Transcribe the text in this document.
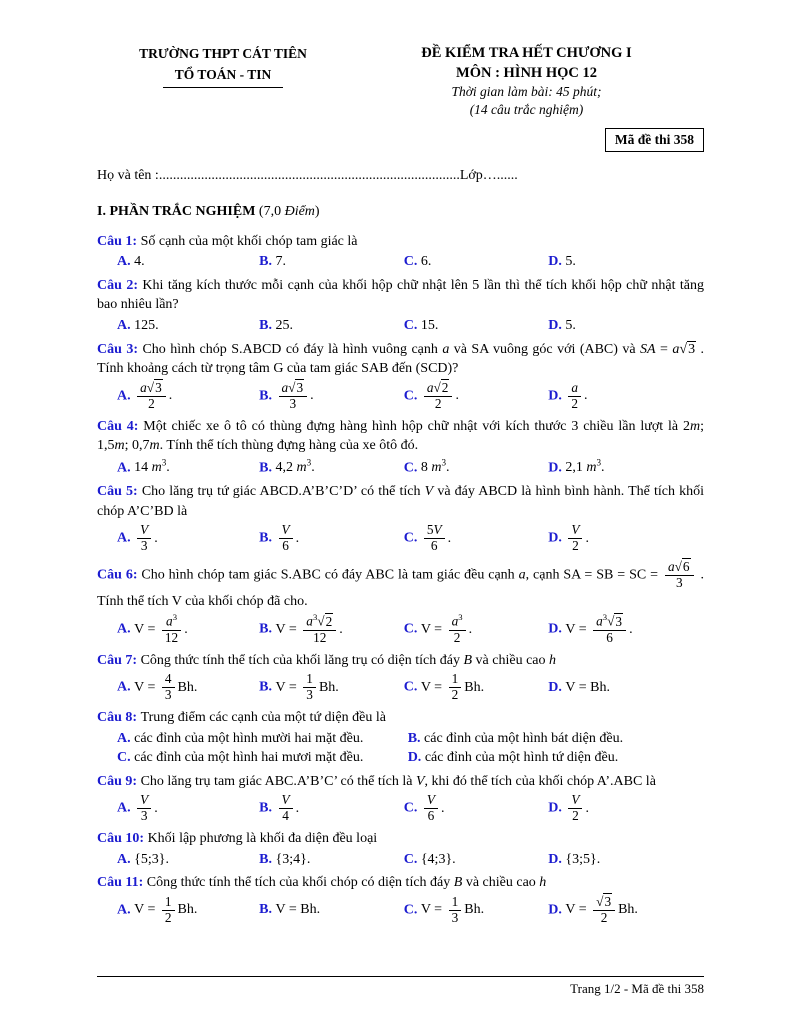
TRƯỜNG THPT CÁT TIÊN
TỔ TOÁN - TIN
ĐỀ KIỂM TRA HẾT CHƯƠNG I
MÔN : HÌNH HỌC 12
Thời gian làm bài: 45 phút;
(14 câu trắc nghiệm)
Mã đề thi 358
Họ và tên :......................................................................................Lớp…......
I. PHẦN TRẮC NGHIỆM (7,0 Điểm)
Câu 1: Số cạnh của một khối chóp tam giác là
A. 4.	B. 7.	C. 6.	D. 5.
Câu 2: Khi tăng kích thước mỗi cạnh của khối hộp chữ nhật lên 5 lần thì thể tích khối hộp chữ nhật tăng bao nhiêu lần?
A. 125.	B. 25.	C. 15.	D. 5.
Câu 3: Cho hình chóp S.ABCD có đáy là hình vuông cạnh a và SA vuông góc với (ABC) và SA = a√3 . Tính khoảng cách từ trọng tâm G của tam giác SAB đến (SCD)?
A. $\frac{a√3}{2}$ .	B. $\frac{a√3}{3}$ .	C. $\frac{a√2}{2}$ .	D. $\frac{a}{2}$ .
Câu 4: Một chiếc xe ô tô có thùng đựng hàng hình hộp chữ nhật với kích thước 3 chiều lần lượt là 2m; 1,5m; 0,7m. Tính thể tích thùng đựng hàng của xe ôtô đó.
A. 14 $m^3$.	B. 4,2 $m^3$.	C. 8 $m^3$.	D. 2,1 $m^3$.
Câu 5: Cho lăng trụ tứ giác ABCD.A’B’C’D’ có thể tích V và đáy ABCD là hình bình hành. Thể tích khối chóp A’C’BD là
A. $\frac{V}{3}$ .	B. $\frac{V}{6}$ .	C. $\frac{5V}{6}$ .	D. $\frac{V}{2}$ .
Câu 6: Cho hình chóp tam giác S.ABC có đáy ABC là tam giác đều cạnh a, cạnh SA = SB = SC = $\frac{a√6}{3}$ . Tính thể tích V của khối chóp đã cho.
A. $V = \frac{a^3}{12}$ .	B. $V = \frac{a^3√2}{12}$ .	C. $V = \frac{a^3}{2}$ .	D. $V = \frac{a^3√3}{6}$ .
Câu 7: Công thức tính thể tích của khối lăng trụ có diện tích đáy B và chiều cao h
A. $V = \frac{4}{3} Bh$.	B. $V = \frac{1}{3} Bh$.	C. $V = \frac{1}{2} Bh$.	D. V = Bh.
Câu 8: Trung điểm các cạnh của một tứ diện đều là
A. các đỉnh của một hình mười hai mặt đều.	B. các đỉnh của một hình bát diện đều.
C. các đỉnh của một hình hai mươi mặt đều.	D. các đỉnh của một hình tứ diện đều.
Câu 9: Cho lăng trụ tam giác ABC.A’B’C’ có thể tích là V, khi đó thể tích của khối chóp A’.ABC là
A. $\frac{V}{3}$ .	B. $\frac{V}{4}$ .	C. $\frac{V}{6}$ .	D. $\frac{V}{2}$ .
Câu 10: Khối lập phương là khối đa diện đều loại
A. {5;3}.	B. {3;4}.	C. {4;3}.	D. {3;5}.
Câu 11: Công thức tính thể tích của khối chóp có diện tích đáy B và chiều cao h
A. $V = \frac{1}{2} Bh$.	B. V = Bh.	C. $V = \frac{1}{3} Bh$.	D. $V = \frac{√3}{2} Bh$.
Trang 1/2 - Mã đề thi 358
